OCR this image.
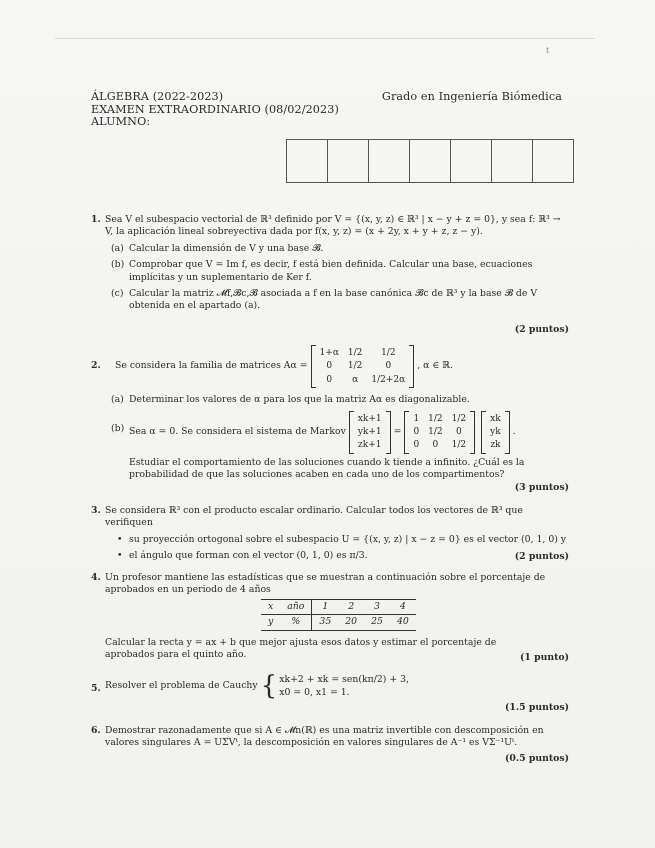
t
ÁLGEBRA (2022-2023)
EXAMEN EXTRAORDINARIO (08/02/2023)
ALUMNO:
Grado en Ingeniería Biómedica
1. Sea V el subespacio vectorial de ℝ³ definido por V = {(x, y, z) ∈ ℝ³ | x − y + z = 0}, y sea f: ℝ³ → V, la aplicación lineal sobreyectiva dada por f(x, y, z) = (x + 2y, x + y + z, z − y).
(a) Calcular la dimensión de V y una base 𝓑.
(b) Comprobar que V = Im f, es decir, f está bien definida. Calcular una base, ecuaciones implícitas y un suplementario de Ker f.
(c) Calcular la matriz 𝓜f,𝓑c,𝓑 asociada a f en la base canónica 𝓑c de ℝ³ y la base 𝓑 de V obtenida en el apartado (a).
(2 puntos)
2. Se considera la familia de matrices Aα =
1+α 1/2	1/2
0	1/2	0
0	α	1/2+2α
, α ∈ ℝ.
(a) Determinar los valores de α para los que la matriz Aα es diagonalizable.
(b) Sea α = 0. Se considera el sistema de Markov
xk+1
yk+1
zk+1
=
1 1/2 1/2
0 1/2	0
0	0	1/2
xk
yk
zk
.
Estudiar el comportamiento de las soluciones cuando k tiende a infinito. ¿Cuál es la probabilidad de que las soluciones acaben en cada uno de los compartimentos?
(3 puntos)
3. Se considera ℝ³ con el producto escalar ordinario. Calcular todos los vectores de ℝ³ que verifiquen
• su proyección ortogonal sobre el subespacio U = {(x, y, z) | x − z = 0} es el vector (0, 1, 0) y
• el ángulo que forman con el vector (0, 1, 0) es π/3.	(2 puntos)
4. Un profesor mantiene las estadísticas que se muestran a continuación sobre el porcentaje de aprobados en un periodo de 4 años
x	año	1	2	3	4
y	%	35	20	25	40
Calcular la recta y = ax + b que mejor ajusta esos datos y estimar el porcentaje de aprobados para el quinto año.	(1 punto)
5. Resolver el problema de Cauchy { xk+2 + xk = sen(kπ/2) + 3,
x0 = 0, x1 = 1.
(1.5 puntos)
6. Demostrar razonadamente que si A ∈ 𝓜n(ℝ) es una matriz invertible con descomposición en valores singulares A = UΣVᵗ, la descomposición en valores singulares de A⁻¹ es VΣ⁻¹Uᵗ.
(0.5 puntos)
